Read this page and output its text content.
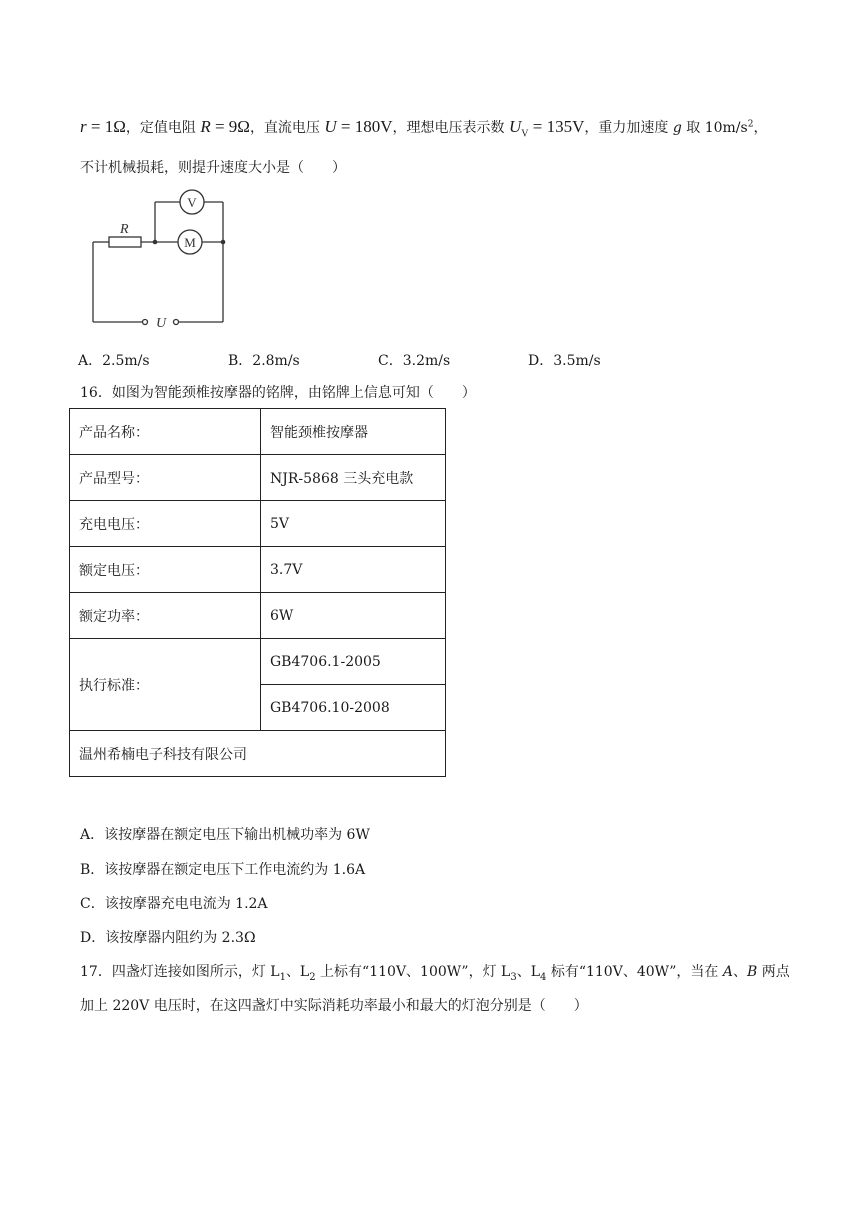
r = 1Ω，定值电阻 R = 9Ω，直流电压 U = 180V，理想电压表示数 $U_V = 135V$，重力加速度 g 取 $10m/s^2$，
不计机械损耗，则提升速度大小是（　　）
R
V
M
U
A．2.5m/s	B．2.8m/s	C．3.2m/s	D．3.5m/s
16．如图为智能颈椎按摩器的铭牌，由铭牌上信息可知（　　）
产品名称：	智能颈椎按摩器
产品型号：	NJR-5868 三头充电款
充电电压：	5V
额定电压：	3.7V
额定功率：	6W
执行标准：	GB4706.1-2005
	GB4706.10-2008
温州希楠电子科技有限公司	
A．该按摩器在额定电压下输出机械功率为 6W
B．该按摩器在额定电压下工作电流约为 1.6A
C．该按摩器充电电流为 1.2A
D．该按摩器内阻约为 2.3Ω
17．四盏灯连接如图所示，灯 $L_1$、$L_2$ 上标有“110V、100W”，灯 $L_3$、$L_4$ 标有“110V、40W”，当在 A、B 两点
加上 220V 电压时，在这四盏灯中实际消耗功率最小和最大的灯泡分别是（　　）
